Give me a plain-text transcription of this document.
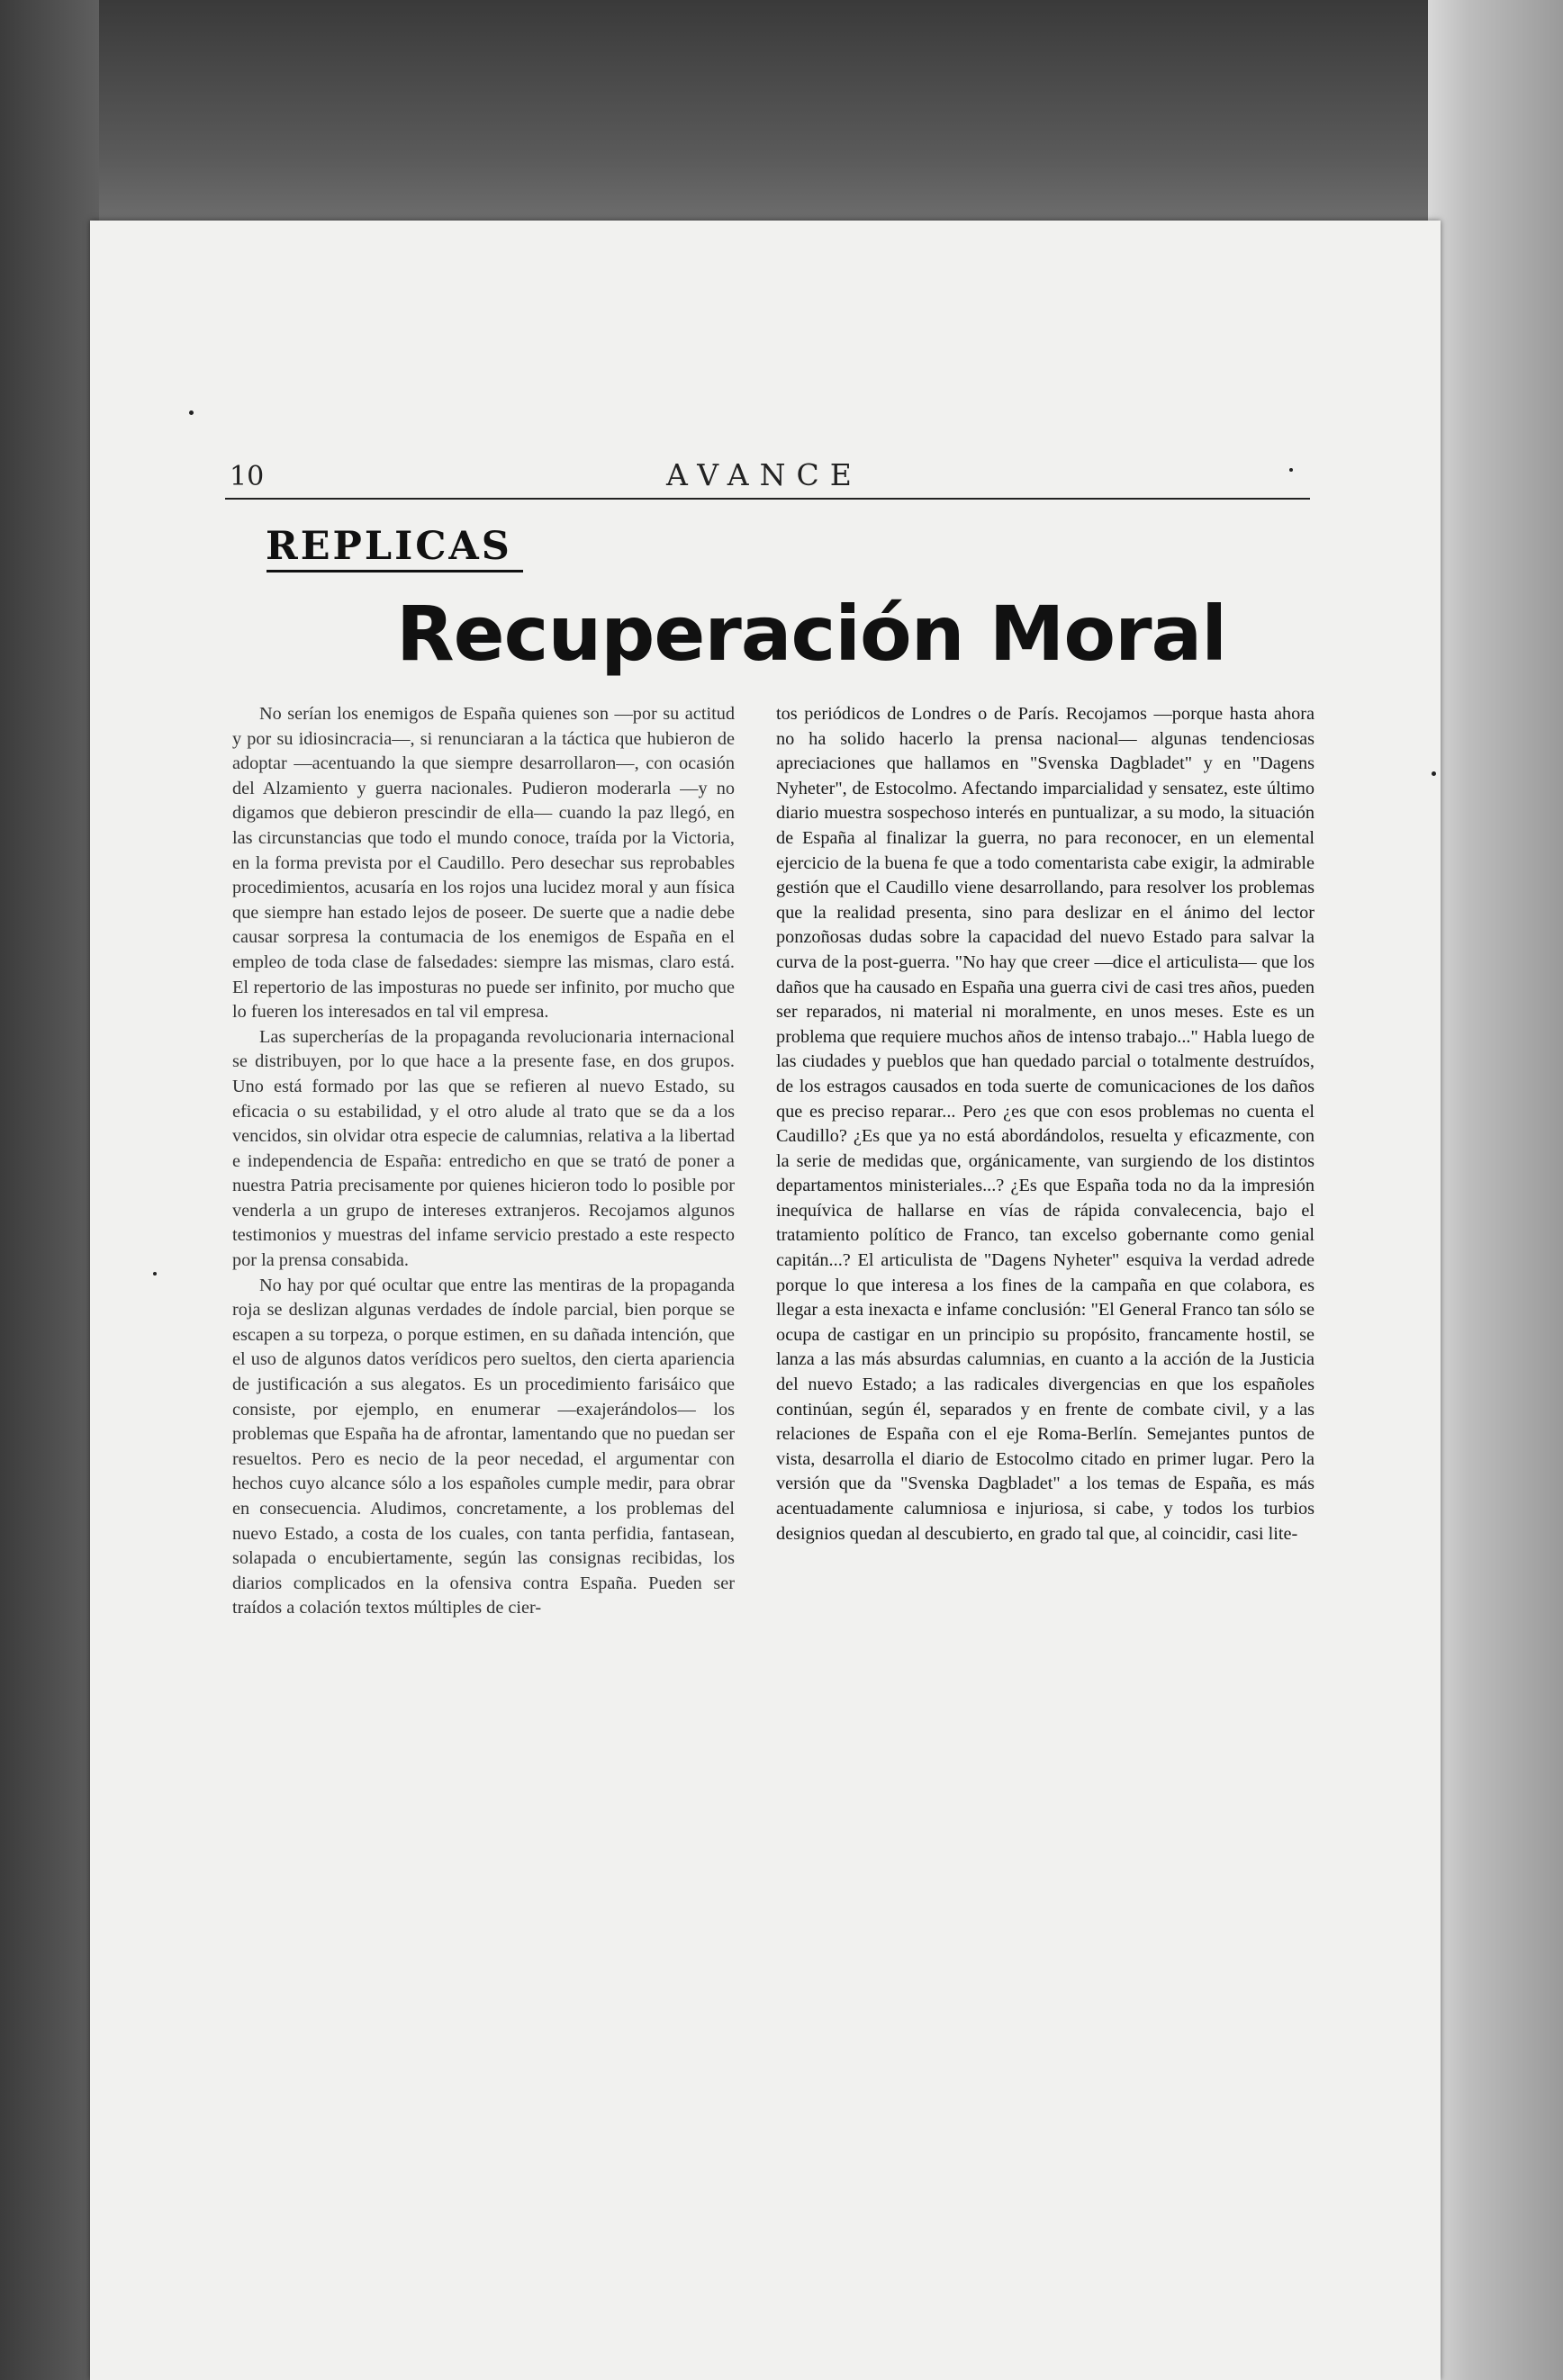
10	AVANCE
REPLICAS
Recuperación Moral

No serían los enemigos de España quienes son —por su actitud y por su idiosincracia—, si renunciaran a la táctica que hubieron de adoptar —acentuando la que siempre desarrollaron—, con ocasión del Alzamiento y guerra nacionales. Pudieron moderarla —y no digamos que debieron prescindir de ella— cuando la paz llegó, en las circunstancias que todo el mundo conoce, traída por la Victoria, en la forma prevista por el Caudillo. Pero desechar sus reprobables procedimientos, acusaría en los rojos una lucidez moral y aun física que siempre han estado lejos de poseer. De suerte que a nadie debe causar sorpresa la contumacia de los enemigos de España en el empleo de toda clase de falsedades: siempre las mismas, claro está. El repertorio de las imposturas no puede ser infinito, por mucho que lo fueren los interesados en tal vil empresa.

Las supercherías de la propaganda revolucionaria internacional se distribuyen, por lo que hace a la presente fase, en dos grupos. Uno está formado por las que se refieren al nuevo Estado, su eficacia o su estabilidad, y el otro alude al trato que se da a los vencidos, sin olvidar otra especie de calumnias, relativa a la libertad e independencia de España: entredicho en que se trató de poner a nuestra Patria precisamente por quienes hicieron todo lo posible por venderla a un grupo de intereses extranjeros. Recojamos algunos testimonios y muestras del infame servicio prestado a este respecto por la prensa consabida.

No hay por qué ocultar que entre las mentiras de la propaganda roja se deslizan algunas verdades de índole parcial, bien porque se escapen a su torpeza, o porque estimen, en su dañada intención, que el uso de algunos datos verídicos pero sueltos, den cierta apariencia de justificación a sus alegatos. Es un procedimiento farisáico que consiste, por ejemplo, en enumerar —exajerándolos— los problemas que España ha de afrontar, lamentando que no puedan ser resueltos. Pero es necio de la peor necedad, el argumentar con hechos cuyo alcance sólo a los españoles cumple medir, para obrar en consecuencia. Aludimos, concretamente, a los problemas del nuevo Estado, a costa de los cuales, con tanta perfidia, fantasean, solapada o encubiertamente, según las consignas recibidas, los diarios complicados en la ofensiva contra España. Pueden ser traídos a colación textos múltiples de cier-

tos periódicos de Londres o de París. Recojamos —porque hasta ahora no ha solido hacerlo la prensa nacional— algunas tendenciosas apreciaciones que hallamos en "Svenska Dagbladet" y en "Dagens Nyheter", de Estocolmo. Afectando imparcialidad y sensatez, este último diario muestra sospechoso interés en puntualizar, a su modo, la situación de España al finalizar la guerra, no para reconocer, en un elemental ejercicio de la buena fe que a todo comentarista cabe exigir, la admirable gestión que el Caudillo viene desarrollando, para resolver los problemas que la realidad presenta, sino para deslizar en el ánimo del lector ponzoñosas dudas sobre la capacidad del nuevo Estado para salvar la curva de la post-guerra. "No hay que creer —dice el articulista— que los daños que ha causado en España una guerra civi de casi tres años, pueden ser reparados, ni material ni moralmente, en unos meses. Este es un problema que requiere muchos años de intenso trabajo..." Habla luego de las ciudades y pueblos que han quedado parcial o totalmente destruídos, de los estragos causados en toda suerte de comunicaciones de los daños que es preciso reparar... Pero ¿es que con esos problemas no cuenta el Caudillo? ¿Es que ya no está abordándolos, resuelta y eficazmente, con la serie de medidas que, orgánicamente, van surgiendo de los distintos departamentos ministeriales...? ¿Es que España toda no da la impresión inequívica de hallarse en vías de rápida convalecencia, bajo el tratamiento político de Franco, tan excelso gobernante como genial capitán...? El articulista de "Dagens Nyheter" esquiva la verdad adrede porque lo que interesa a los fines de la campaña en que colabora, es llegar a esta inexacta e infame conclusión: "El General Franco tan sólo se ocupa de castigar en un principio su propósito, francamente hostil, se lanza a las más absurdas calumnias, en cuanto a la acción de la Justicia del nuevo Estado; a las radicales divergencias en que los españoles continúan, según él, separados y en frente de combate civil, y a las relaciones de España con el eje Roma-Berlín. Semejantes puntos de vista, desarrolla el diario de Estocolmo citado en primer lugar. Pero la versión que da "Svenska Dagbladet" a los temas de España, es más acentuadamente calumniosa e injuriosa, si cabe, y todos los turbios designios quedan al descubierto, en grado tal que, al coincidir, casi lite-
